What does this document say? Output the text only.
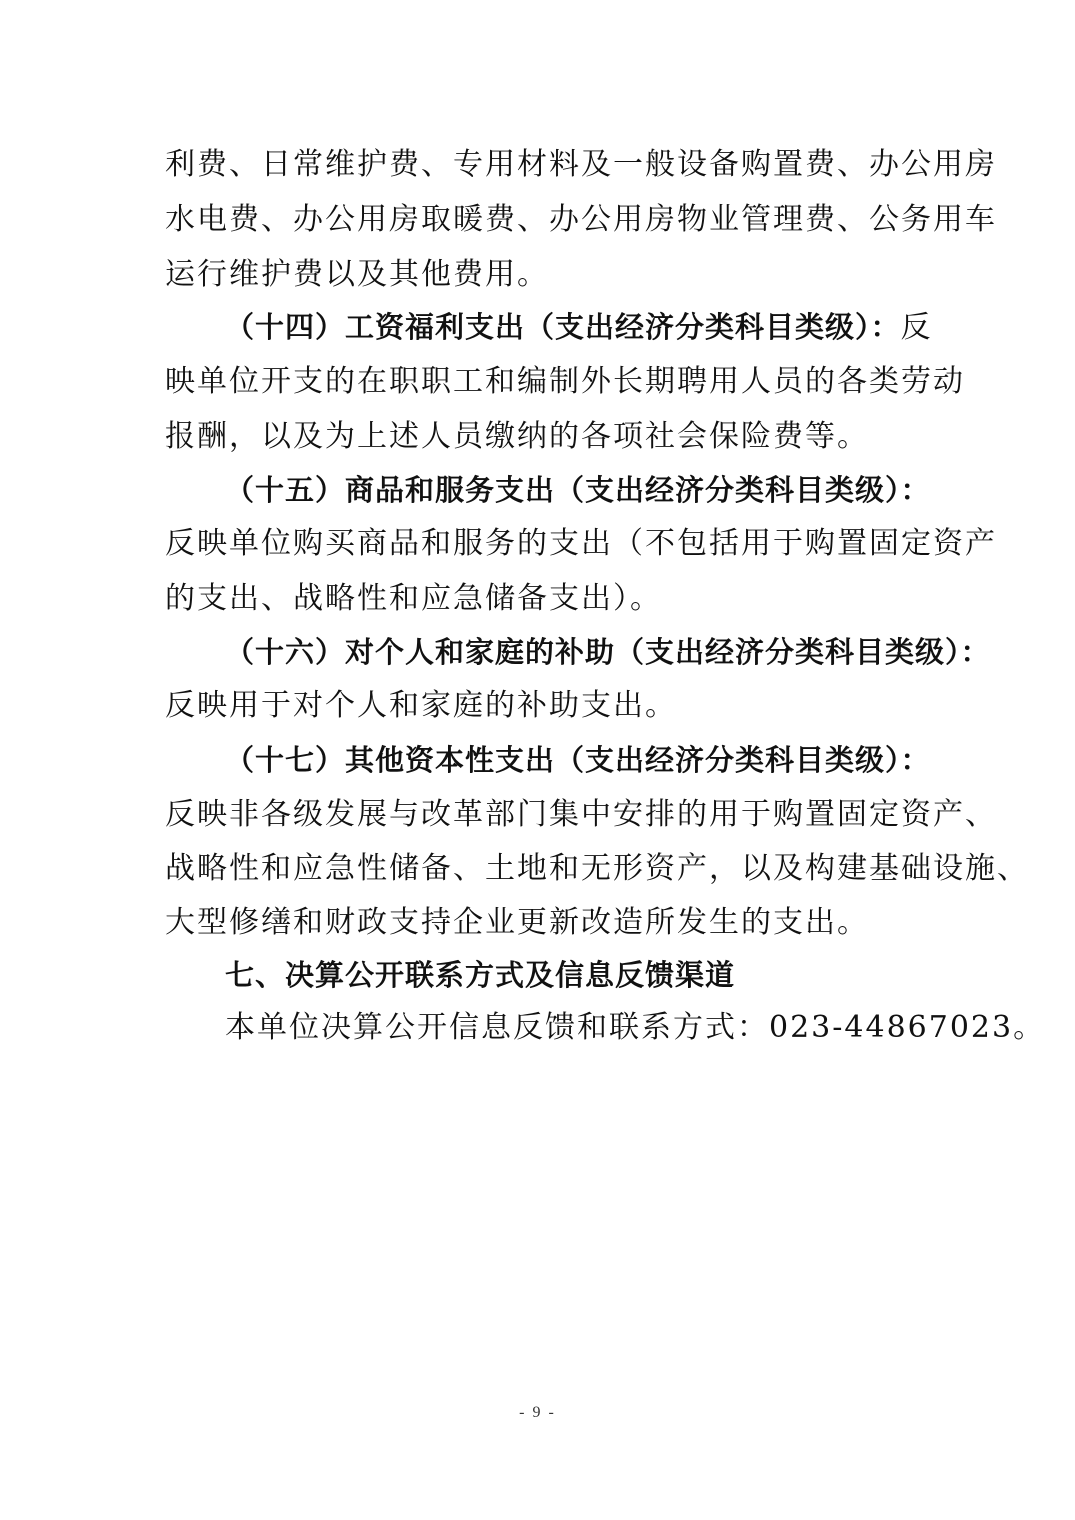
利费、日常维护费、专用材料及一般设备购置费、办公用房
水电费、办公用房取暖费、办公用房物业管理费、公务用车
运行维护费以及其他费用。
（十四）工资福利支出（支出经济分类科目类级）：反
映单位开支的在职职工和编制外长期聘用人员的各类劳动
报酬，以及为上述人员缴纳的各项社会保险费等。
（十五）商品和服务支出（支出经济分类科目类级）：
反映单位购买商品和服务的支出（不包括用于购置固定资产
的支出、战略性和应急储备支出）。
（十六）对个人和家庭的补助（支出经济分类科目类级）：
反映用于对个人和家庭的补助支出。
（十七）其他资本性支出（支出经济分类科目类级）：
反映非各级发展与改革部门集中安排的用于购置固定资产、
战略性和应急性储备、土地和无形资产，以及构建基础设施、
大型修缮和财政支持企业更新改造所发生的支出。
七、决算公开联系方式及信息反馈渠道
本单位决算公开信息反馈和联系方式：023-44867023。
- 9 -
